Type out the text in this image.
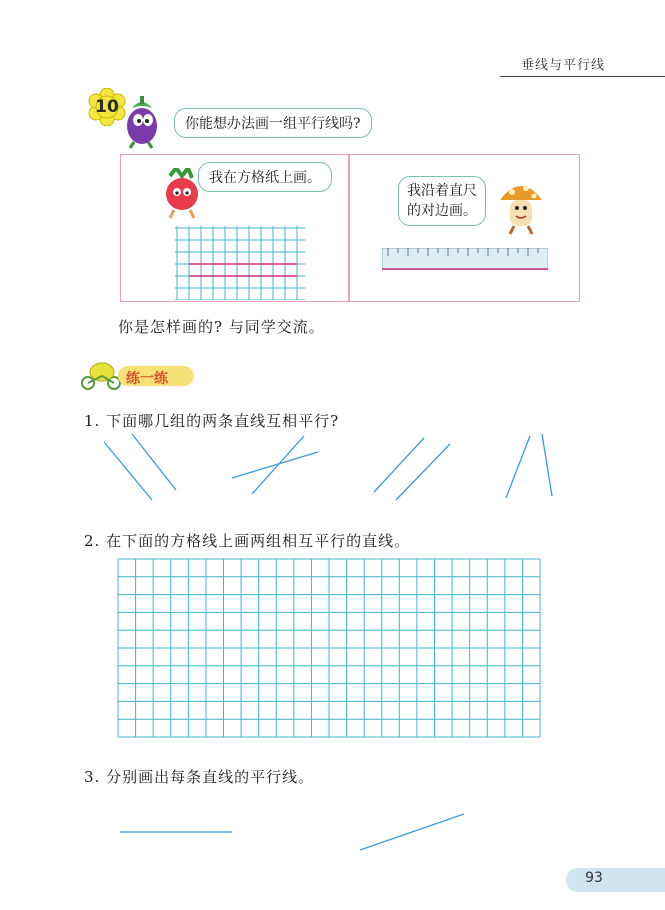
垂线与平行线
10
你能想办法画一组平行线吗?
我在方格纸上画。
我沿着直尺
的对边画。
你是怎样画的? 与同学交流。
练一练
1. 下面哪几组的两条直线互相平行?
2. 在下面的方格线上画两组相互平行的直线。
3. 分别画出每条直线的平行线。
93
